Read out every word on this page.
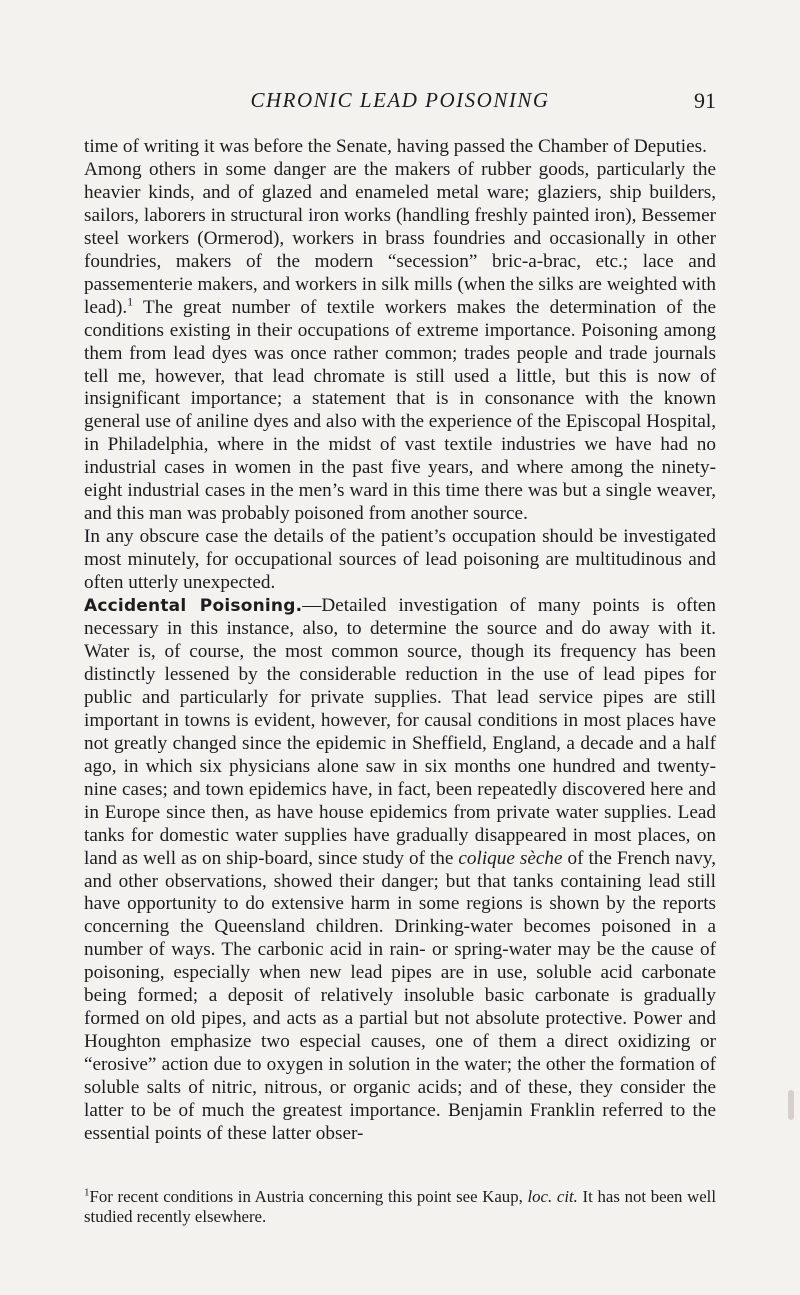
CHRONIC LEAD POISONING	91

time of writing it was before the Senate, having passed the Chamber of Deputies.

Among others in some danger are the makers of rubber goods, particularly the heavier kinds, and of glazed and enameled metal ware; glaziers, ship builders, sailors, laborers in structural iron works (handling freshly painted iron), Bessemer steel workers (Ormerod), workers in brass foundries and occasionally in other foundries, makers of the modern “secession” bric-a-brac, etc.; lace and passementerie makers, and workers in silk mills (when the silks are weighted with lead).$^1$ The great number of textile workers makes the determination of the conditions existing in their occupations of extreme importance. Poisoning among them from lead dyes was once rather common; trades people and trade journals tell me, however, that lead chromate is still used a little, but this is now of insignificant importance; a statement that is in consonance with the known general use of aniline dyes and also with the experience of the Episcopal Hospital, in Philadelphia, where in the midst of vast textile industries we have had no industrial cases in women in the past five years, and where among the ninety-eight industrial cases in the men’s ward in this time there was but a single weaver, and this man was probably poisoned from another source.

In any obscure case the details of the patient’s occupation should be investigated most minutely, for occupational sources of lead poisoning are multitudinous and often utterly unexpected.

Accidental Poisoning.—Detailed investigation of many points is often necessary in this instance, also, to determine the source and do away with it. Water is, of course, the most common source, though its frequency has been distinctly lessened by the considerable reduction in the use of lead pipes for public and particularly for private supplies. That lead service pipes are still important in towns is evident, however, for causal conditions in most places have not greatly changed since the epidemic in Sheffield, England, a decade and a half ago, in which six physicians alone saw in six months one hundred and twenty-nine cases; and town epidemics have, in fact, been repeatedly discovered here and in Europe since then, as have house epidemics from private water supplies. Lead tanks for domestic water supplies have gradually disappeared in most places, on land as well as on ship-board, since study of the colique sèche of the French navy, and other observations, showed their danger; but that tanks containing lead still have opportunity to do extensive harm in some regions is shown by the reports concerning the Queensland children. Drinking-water becomes poisoned in a number of ways. The carbonic acid in rain- or spring-water may be the cause of poisoning, especially when new lead pipes are in use, soluble acid carbonate being formed; a deposit of relatively insoluble basic carbonate is gradually formed on old pipes, and acts as a partial but not absolute protective. Power and Houghton emphasize two especial causes, one of them a direct oxidizing or “erosive” action due to oxygen in solution in the water; the other the formation of soluble salts of nitric, nitrous, or organic acids; and of these, they consider the latter to be of much the greatest importance. Benjamin Franklin referred to the essential points of these latter obser-

$^1$For recent conditions in Austria concerning this point see Kaup, loc. cit. It has not been well studied recently elsewhere.
